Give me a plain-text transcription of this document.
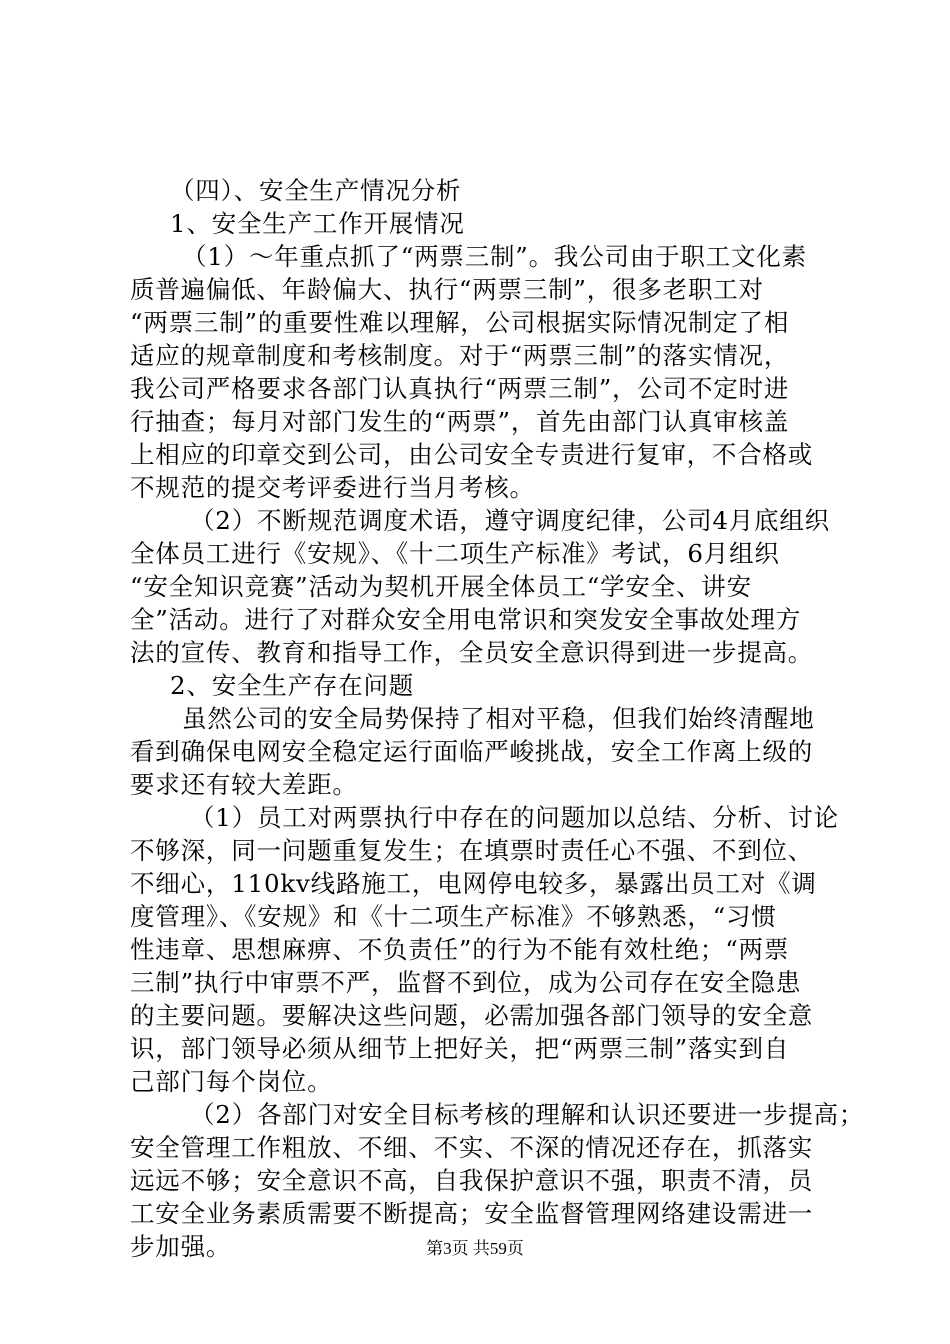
（四）、安全生产情况分析
1、安全生产工作开展情况
（1）～年重点抓了“两票三制”。我公司由于职工文化素
质普遍偏低、年龄偏大、执行“两票三制”，很多老职工对
“两票三制”的重要性难以理解，公司根据实际情况制定了相
适应的规章制度和考核制度。对于“两票三制”的落实情况，
我公司严格要求各部门认真执行“两票三制”，公司不定时进
行抽查；每月对部门发生的“两票”，首先由部门认真审核盖
上相应的印章交到公司，由公司安全专责进行复审，不合格或
不规范的提交考评委进行当月考核。
（2）不断规范调度术语，遵守调度纪律，公司4月底组织
全体员工进行《安规》、《十二项生产标准》考试，6月组织
“安全知识竞赛”活动为契机开展全体员工“学安全、讲安
全”活动。进行了对群众安全用电常识和突发安全事故处理方
法的宣传、教育和指导工作，全员安全意识得到进一步提高。
2、安全生产存在问题
虽然公司的安全局势保持了相对平稳，但我们始终清醒地
看到确保电网安全稳定运行面临严峻挑战，安全工作离上级的
要求还有较大差距。
（1）员工对两票执行中存在的问题加以总结、分析、讨论
不够深，同一问题重复发生；在填票时责任心不强、不到位、
不细心，110kv线路施工，电网停电较多，暴露出员工对《调
度管理》、《安规》和《十二项生产标准》不够熟悉，“习惯
性违章、思想麻痹、不负责任”的行为不能有效杜绝；“两票
三制”执行中审票不严，监督不到位，成为公司存在安全隐患
的主要问题。要解决这些问题，必需加强各部门领导的安全意
识，部门领导必须从细节上把好关，把“两票三制”落实到自
己部门每个岗位。
（2）各部门对安全目标考核的理解和认识还要进一步提高；
安全管理工作粗放、不细、不实、不深的情况还存在，抓落实
远远不够；安全意识不高，自我保护意识不强，职责不清，员
工安全业务素质需要不断提高；安全监督管理网络建设需进一
步加强。	第3页 共59页
